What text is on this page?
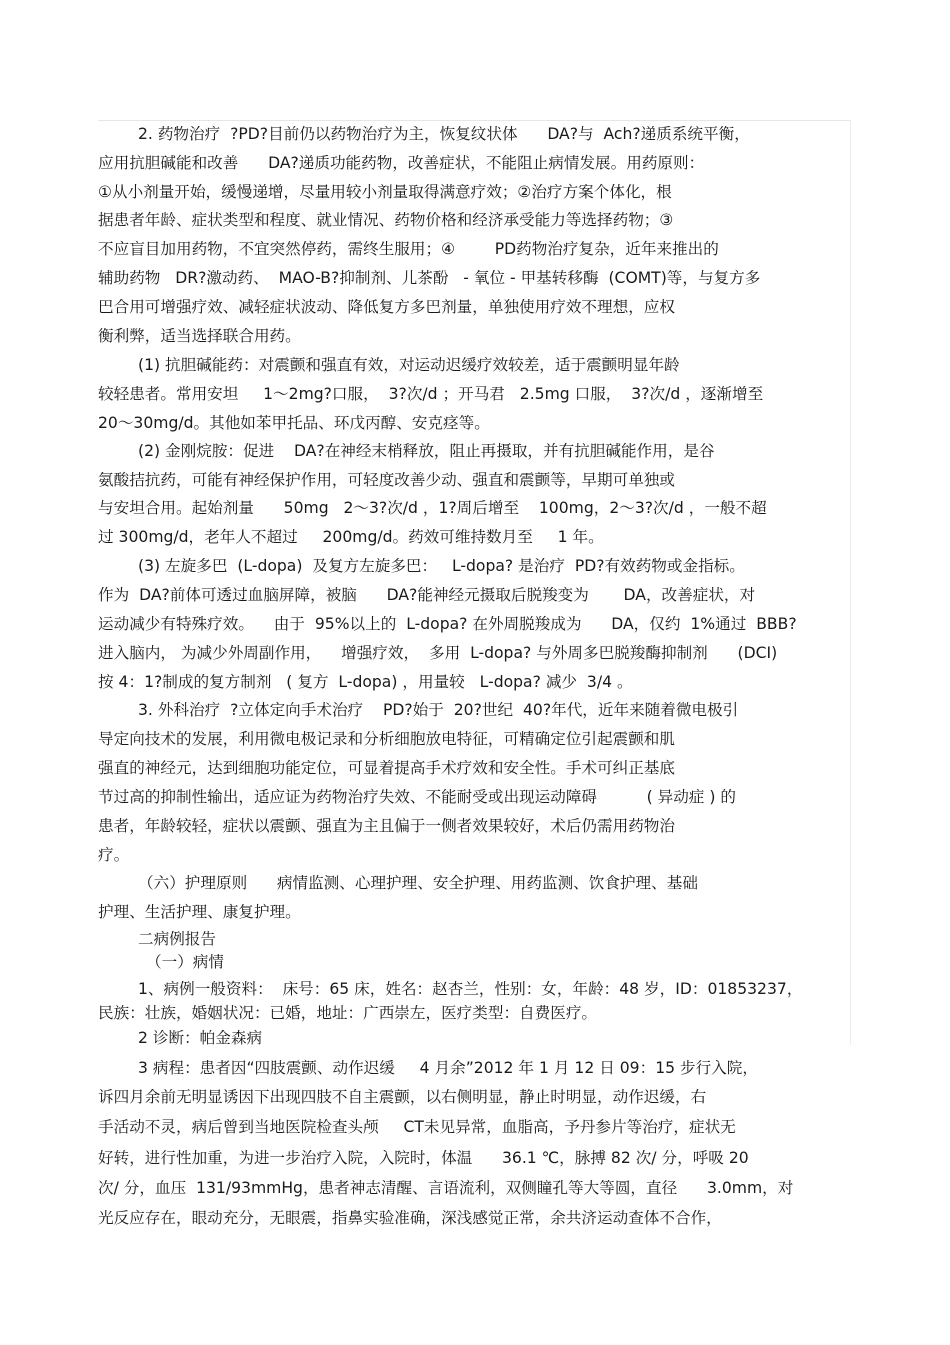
2. 药物治疗  ?PD?目前仍以药物治疗为主，恢复纹状体      DA?与  Ach?递质系统平衡，
应用抗胆碱能和改善      DA?递质功能药物，改善症状，不能阻止病情发展。用药原则：
①从小剂量开始，缓慢递增，尽量用较小剂量取得满意疗效；②治疗方案个体化，根
据患者年龄、症状类型和程度、就业情况、药物价格和经济承受能力等选择药物；③
不应盲目加用药物，不宜突然停药，需终生服用；④        PD药物治疗复杂，近年来推出的
辅助药物   DR?激动药、  MAO-B?抑制剂、儿茶酚   - 氧位 - 甲基转移酶  (COMT)等，与复方多
巴合用可增强疗效、减轻症状波动、降低复方多巴剂量，单独使用疗效不理想，应权
衡利弊，适当选择联合用药。
(1) 抗胆碱能药：对震颤和强直有效，对运动迟缓疗效较差，适于震颤明显年龄
较轻患者。常用安坦     1～2mg?口服，  3?次/d ；开马君   2.5mg 口服，  3?次/d ，逐渐增至
20～30mg/d。其他如苯甲托品、环戊丙醇、安克痉等。
(2) 金刚烷胺：促进    DA?在神经末梢释放，阻止再摄取，并有抗胆碱能作用，是谷
氨酸拮抗药，可能有神经保护作用，可轻度改善少动、强直和震颤等，早期可单独或
与安坦合用。起始剂量      50mg   2～3?次/d ，1?周后增至    100mg，2～3?次/d ，一般不超
过 300mg/d，老年人不超过     200mg/d。药效可维持数月至     1 年。
(3) 左旋多巴  (L-dopa)  及复方左旋多巴：   L-dopa? 是治疗  PD?有效药物或金指标。
作为  DA?前体可透过血脑屏障，被脑      DA?能神经元摄取后脱羧变为       DA，改善症状，对
运动减少有特殊疗效。    由于  95%以上的  L-dopa? 在外周脱羧成为      DA，仅约  1%通过  BBB?
进入脑内， 为减少外周副作用，    增强疗效，  多用  L-dopa? 与外周多巴脱羧酶抑制剂      (DCI)
按 4：1?制成的复方制剂   ( 复方  L-dopa) ，用量较   L-dopa? 减少  3/4 。
3. 外科治疗  ?立体定向手术治疗    PD?始于  20?世纪  40?年代，近年来随着微电极引
导定向技术的发展，利用微电极记录和分析细胞放电特征，可精确定位引起震颤和肌
强直的神经元，达到细胞功能定位，可显着提高手术疗效和安全性。手术可纠正基底
节过高的抑制性输出，适应证为药物治疗失效、不能耐受或出现运动障碍          ( 异动症 ) 的
患者，年龄较轻，症状以震颤、强直为主且偏于一侧者效果较好，术后仍需用药物治
疗。
（六）护理原则      病情监测、心理护理、安全护理、用药监测、饮食护理、基础
护理、生活护理、康复护理。
二病例报告
（一）病情
1、病例一般资料：  床号：65 床，姓名：赵杏兰，性别：女，年龄：48 岁，ID：01853237，
民族：壮族，婚姻状况：已婚，地址：广西崇左，医疗类型：自费医疗。
2 诊断：帕金森病
3 病程：患者因“四肢震颤、动作迟缓     4 月余”2012 年 1 月 12 日 09：15 步行入院，
诉四月余前无明显诱因下出现四肢不自主震颤，以右侧明显，静止时明显，动作迟缓，右
手活动不灵，病后曾到当地医院检查头颅     CT未见异常，血脂高，予丹参片等治疗，症状无
好转，进行性加重，为进一步治疗入院，入院时，体温      36.1 ℃，脉搏 82 次/ 分，呼吸 20
次/ 分，血压  131/93mmHg，患者神志清醒、言语流利，双侧瞳孔等大等圆，直径      3.0mm，对
光反应存在，眼动充分，无眼震，指鼻实验准确，深浅感觉正常，余共济运动查体不合作，
